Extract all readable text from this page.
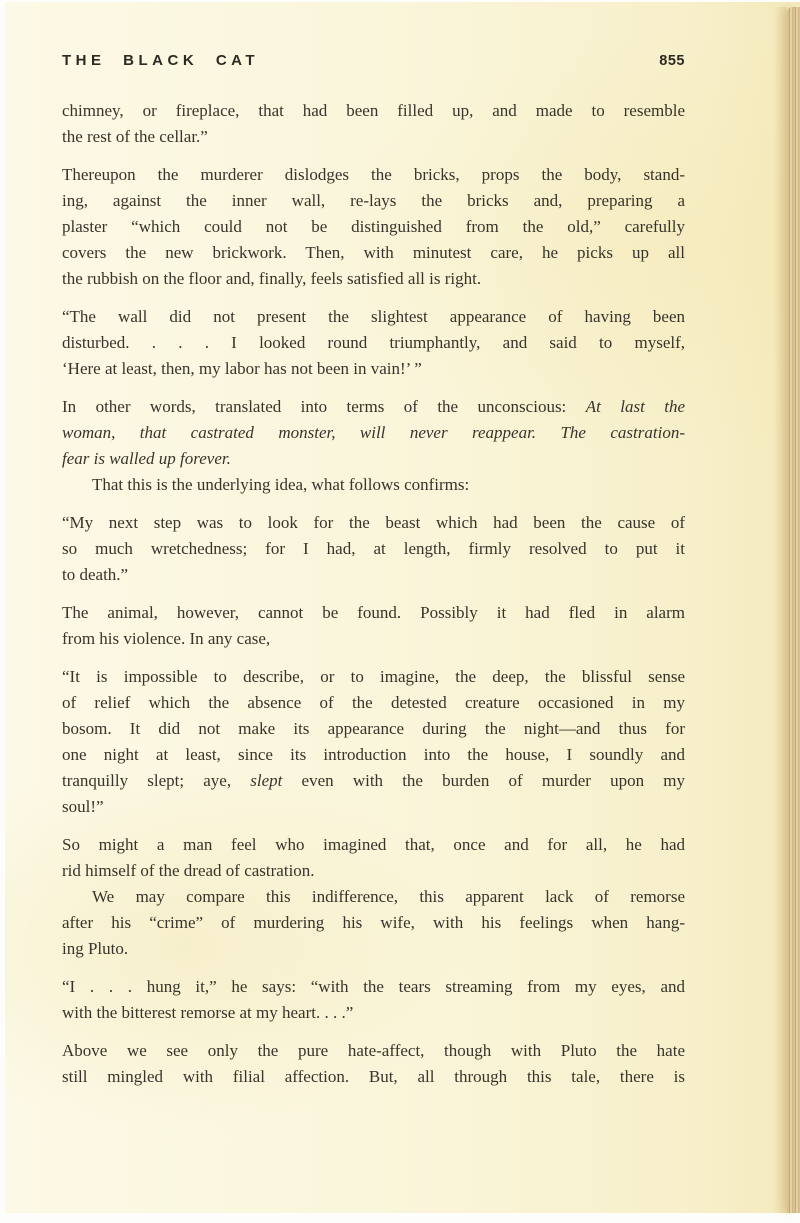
THE BLACK CAT	855

chimney, or fireplace, that had been filled up, and made to resemble
the rest of the cellar.”

Thereupon the murderer dislodges the bricks, props the body, stand-
ing, against the inner wall, re-lays the bricks and, preparing a
plaster “which could not be distinguished from the old,” carefully
covers the new brickwork. Then, with minutest care, he picks up all
the rubbish on the floor and, finally, feels satisfied all is right.

“The wall did not present the slightest appearance of having been
disturbed. . . . I looked round triumphantly, and said to myself,
‘Here at least, then, my labor has not been in vain!’ ”

In other words, translated into terms of the unconscious: At last the
woman, that castrated monster, will never reappear. The castration-
fear is walled up forever.
That this is the underlying idea, what follows confirms:

“My next step was to look for the beast which had been the cause of
so much wretchedness; for I had, at length, firmly resolved to put it
to death.”

The animal, however, cannot be found. Possibly it had fled in alarm
from his violence. In any case,

“It is impossible to describe, or to imagine, the deep, the blissful sense
of relief which the absence of the detested creature occasioned in my
bosom. It did not make its appearance during the night—and thus for
one night at least, since its introduction into the house, I soundly and
tranquilly slept; aye, slept even with the burden of murder upon my
soul!”

So might a man feel who imagined that, once and for all, he had
rid himself of the dread of castration.
We may compare this indifference, this apparent lack of remorse
after his “crime” of murdering his wife, with his feelings when hang-
ing Pluto.

“I . . . hung it,” he says: “with the tears streaming from my eyes, and
with the bitterest remorse at my heart. . . .”

Above we see only the pure hate-affect, though with Pluto the hate
still mingled with filial affection. But, all through this tale, there is
